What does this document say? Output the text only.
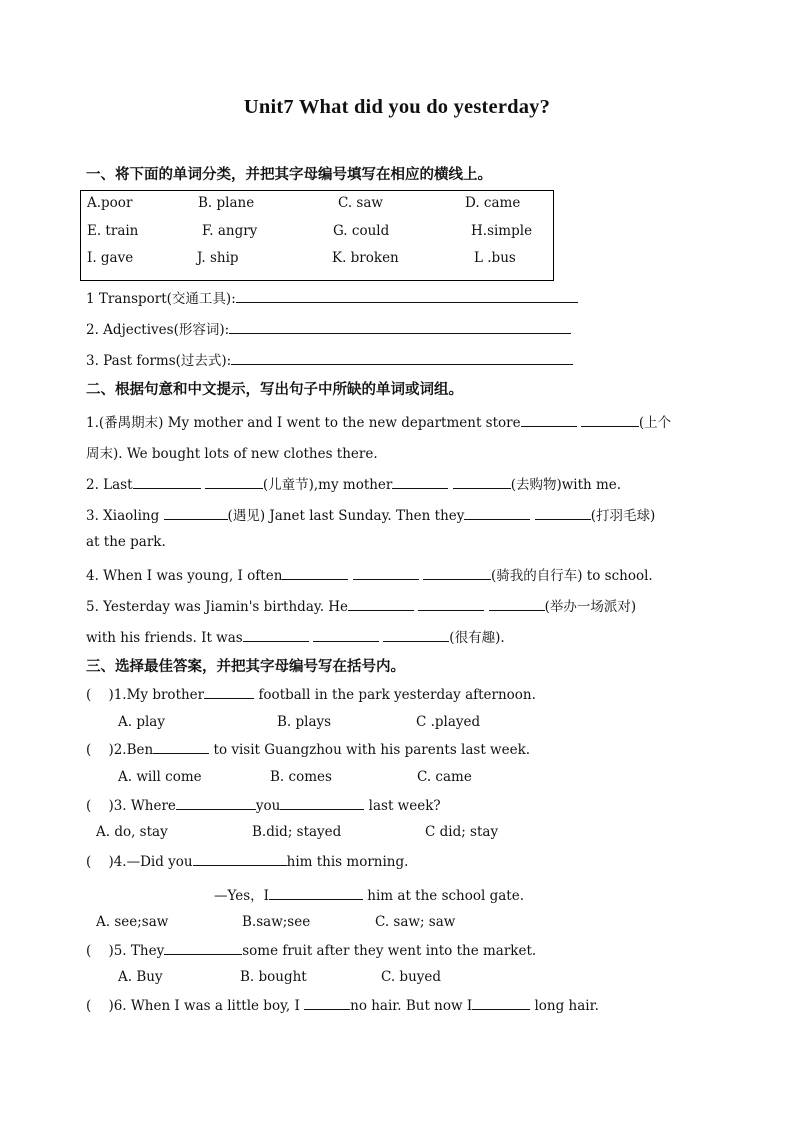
Unit7 What did you do yesterday?
一、将下面的单词分类，并把其字母编号填写在相应的横线上。
A.poor	B. plane	C. saw	D. came
E. train	F. angry	G. could	H.simple
I. gave	J. ship	K. broken	L .bus
1 Transport(交通工具):
2. Adjectives(形容词):
3. Past forms(过去式):
二、根据句意和中文提示，写出句子中所缺的单词或词组。
1.(番禺期末) My mother and I went to the new department store	(上个
周末). We bought lots of new clothes there.
2. Last	(儿童节),my mother	(去购物)with me.
3. Xiaoling	(遇见) Janet last Sunday. Then they	(打羽毛球)
at the park.
4. When I was young, I often	(骑我的自行车) to school.
5. Yesterday was Jiamin's birthday. He	(举办一场派对)
with his friends. It was	(很有趣).
三、选择最佳答案，并把其字母编号写在括号内。
( )1.My brother	football in the park yesterday afternoon.
A. play	B. plays	C .played
( )2.Ben	to visit Guangzhou with his parents last week.
A. will come	B. comes	C. came
( )3. Where	you	last week?
A. do, stay	B.did; stayed	C did; stay
( )4.—Did you	him this morning.
—Yes，I	him at the school gate.
A. see;saw	B.saw;see	C. saw; saw
( )5. They	some fruit after they went into the market.
A. Buy	B. bought	C. buyed
( )6. When I was a little boy, I	no hair. But now I	long hair.
